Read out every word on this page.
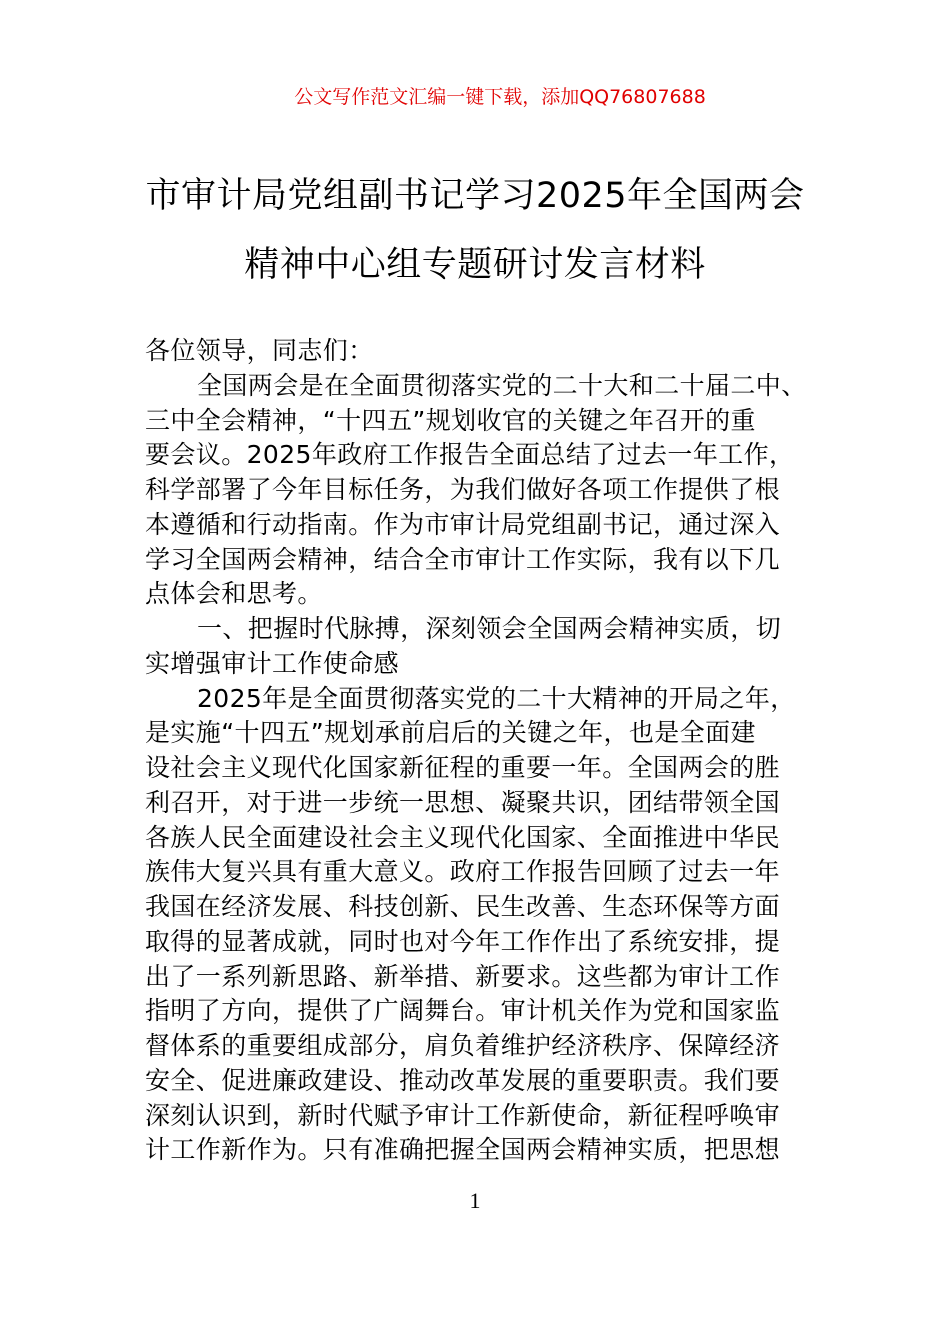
公文写作范文汇编一键下载，添加QQ76807688
市审计局党组副书记学习2025年全国两会
精神中心组专题研讨发言材料
各位领导，同志们：
全国两会是在全面贯彻落实党的二十大和二十届二中、
三中全会精神，“十四五”规划收官的关键之年召开的重
要会议。2025年政府工作报告全面总结了过去一年工作，
科学部署了今年目标任务，为我们做好各项工作提供了根
本遵循和行动指南。作为市审计局党组副书记，通过深入
学习全国两会精神，结合全市审计工作实际，我有以下几
点体会和思考。
一、把握时代脉搏，深刻领会全国两会精神实质，切
实增强审计工作使命感
2025年是全面贯彻落实党的二十大精神的开局之年，
是实施“十四五”规划承前启后的关键之年，也是全面建
设社会主义现代化国家新征程的重要一年。全国两会的胜
利召开，对于进一步统一思想、凝聚共识，团结带领全国
各族人民全面建设社会主义现代化国家、全面推进中华民
族伟大复兴具有重大意义。政府工作报告回顾了过去一年
我国在经济发展、科技创新、民生改善、生态环保等方面
取得的显著成就，同时也对今年工作作出了系统安排，提
出了一系列新思路、新举措、新要求。这些都为审计工作
指明了方向，提供了广阔舞台。审计机关作为党和国家监
督体系的重要组成部分，肩负着维护经济秩序、保障经济
安全、促进廉政建设、推动改革发展的重要职责。我们要
深刻认识到，新时代赋予审计工作新使命，新征程呼唤审
计工作新作为。只有准确把握全国两会精神实质，把思想
1
